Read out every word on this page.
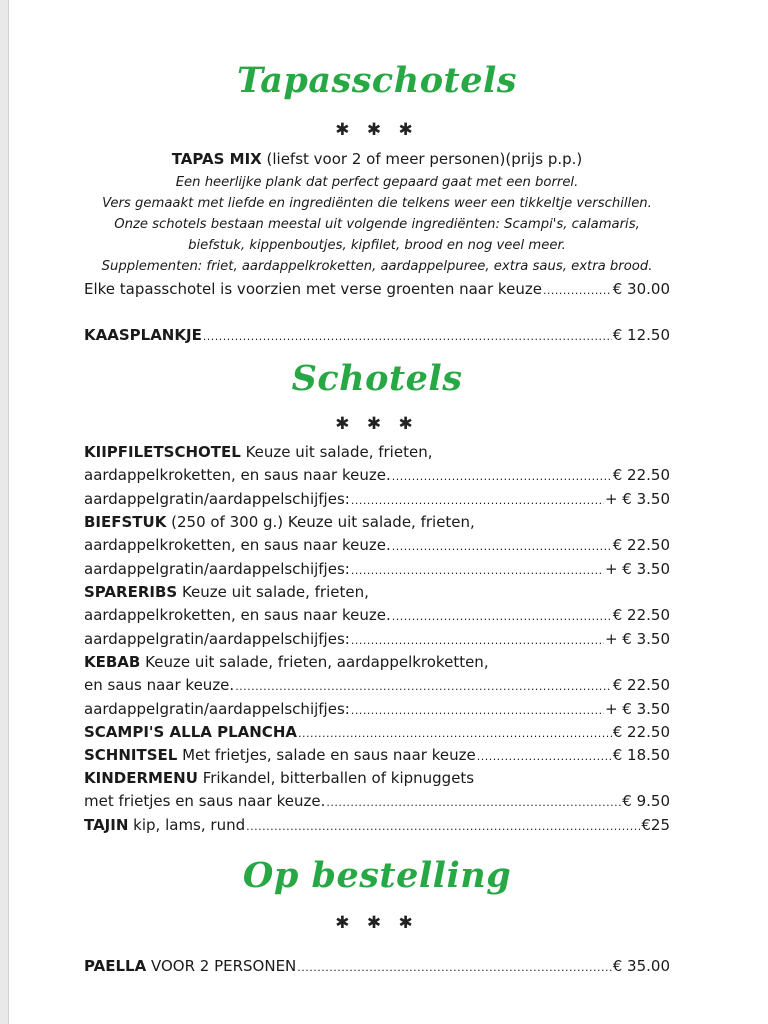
Tapasschotels
✱ ✱ ✱
TAPAS MIX (liefst voor 2 of meer personen)(prijs p.p.)
Een heerlijke plank dat perfect gepaard gaat met een borrel.
Vers gemaakt met liefde en ingrediënten die telkens weer een tikkeltje verschillen.
Onze schotels bestaan meestal uit volgende ingrediënten: Scampi's, calamaris,
biefstuk, kippenboutjes, kipfilet, brood en nog veel meer.
Supplementen: friet, aardappelkroketten, aardappelpuree, extra saus, extra brood.
Elke tapasschotel is voorzien met verse groenten naar keuze .....	€ 30.00
KAASPLANKJE .....	€ 12.50
Schotels
✱ ✱ ✱
KIIPFILETSCHOTEL Keuze uit salade, frieten,
aardappelkroketten, en saus naar keuze. .....	€ 22.50
aardappelgratin/aardappelschijfjes: .....	+ € 3.50
BIEFSTUK (250 of 300 g.) Keuze uit salade, frieten,
aardappelkroketten, en saus naar keuze. .....	€ 22.50
aardappelgratin/aardappelschijfjes: .....	+ € 3.50
SPARERIBS Keuze uit salade, frieten,
aardappelkroketten, en saus naar keuze. .....	€ 22.50
aardappelgratin/aardappelschijfjes: .....	+ € 3.50
KEBAB Keuze uit salade, frieten, aardappelkroketten,
en saus naar keuze. .....	€ 22.50
aardappelgratin/aardappelschijfjes: .....	+ € 3.50
SCAMPI'S ALLA PLANCHA .....	€ 22.50
SCHNITSEL Met frietjes, salade en saus naar keuze .....	€ 18.50
KINDERMENU Frikandel, bitterballen of kipnuggets
met frietjes en saus naar keuze. .....	€ 9.50
TAJIN kip, lams, rund .....	€25
Op bestelling
✱ ✱ ✱
PAELLA VOOR 2 PERSONEN .....	€ 35.00
